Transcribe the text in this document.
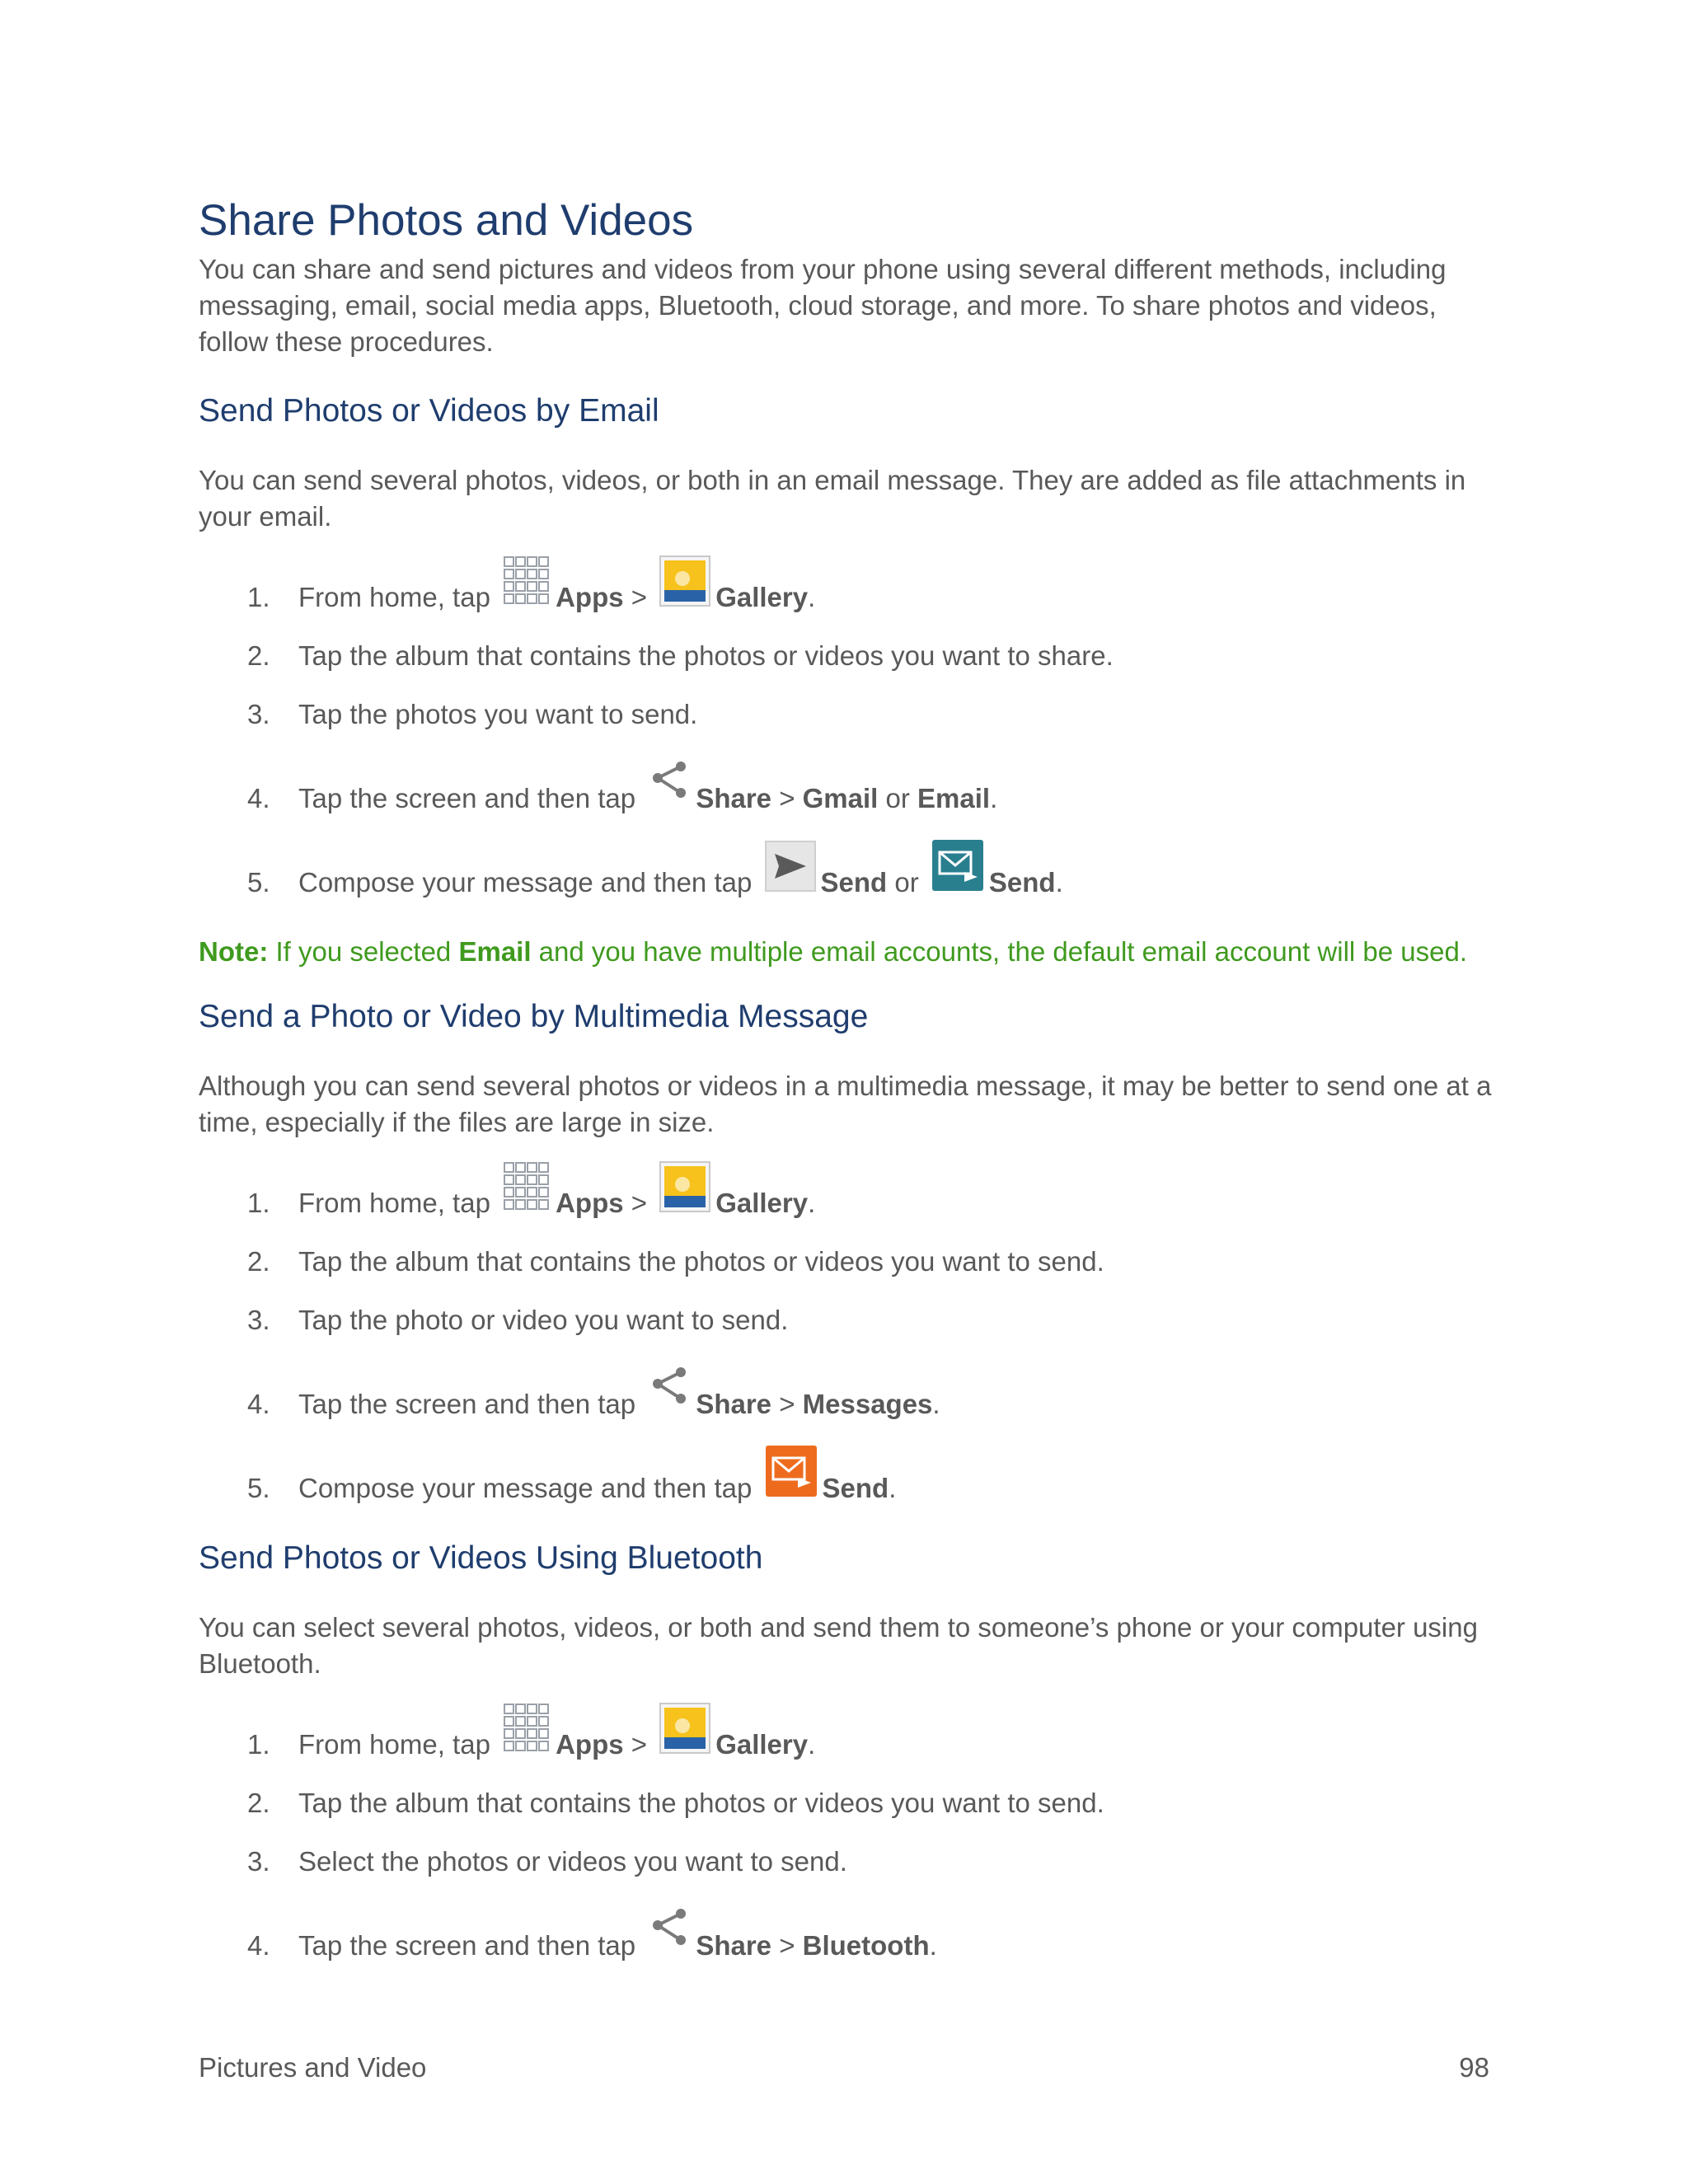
Share Photos and Videos

You can share and send pictures and videos from your phone using several different methods, including messaging, email, social media apps, Bluetooth, cloud storage, and more. To share photos and videos, follow these procedures.

Send Photos or Videos by Email

You can send several photos, videos, or both in an email message. They are added as file attachments in your email.

1.	From home, tap Apps > Gallery .
2.	Tap the album that contains the photos or videos you want to share.
3.	Tap the photos you want to send.
4.	Tap the screen and then tap Share > Gmail or Email .
5.	Compose your message and then tap Send or Send .

Note: If you selected Email and you have multiple email accounts, the default email account will be used.

Send a Photo or Video by Multimedia Message

Although you can send several photos or videos in a multimedia message, it may be better to send one at a time, especially if the files are large in size.

1.	From home, tap Apps > Gallery .
2.	Tap the album that contains the photos or videos you want to send.
3.	Tap the photo or video you want to send.
4.	Tap the screen and then tap Share > Messages .
5.	Compose your message and then tap Send .
Send Photos or Videos Using Bluetooth

You can select several photos, videos, or both and send them to someone’s phone or your computer using Bluetooth.

1.	From home, tap Apps > Gallery .
2.	Tap the album that contains the photos or videos you want to send.
3.	Select the photos or videos you want to send.
4.	Tap the screen and then tap Share > Bluetooth .
Pictures and Video	98
